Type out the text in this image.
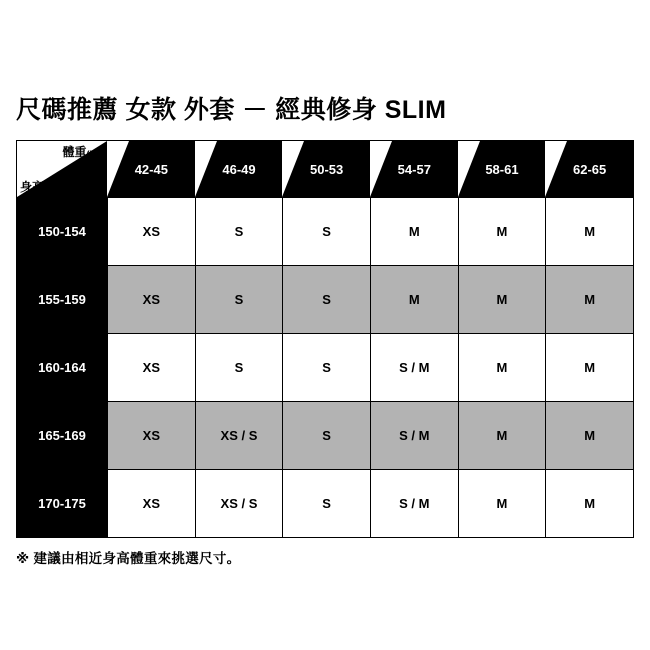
尺碼推薦 女款 外套 － 經典修身 SLIM
體重(kg)
身高(cm)	42-45	46-49	50-53	54-57	58-61	62-65
150-154	XS	S	S	M	M	M
155-159	XS	S	S	M	M	M
160-164	XS	S	S	S / M	M	M
165-169	XS	XS / S	S	S / M	M	M
170-175	XS	XS / S	S	S / M	M	M
※ 建議由相近身高體重來挑選尺寸。
